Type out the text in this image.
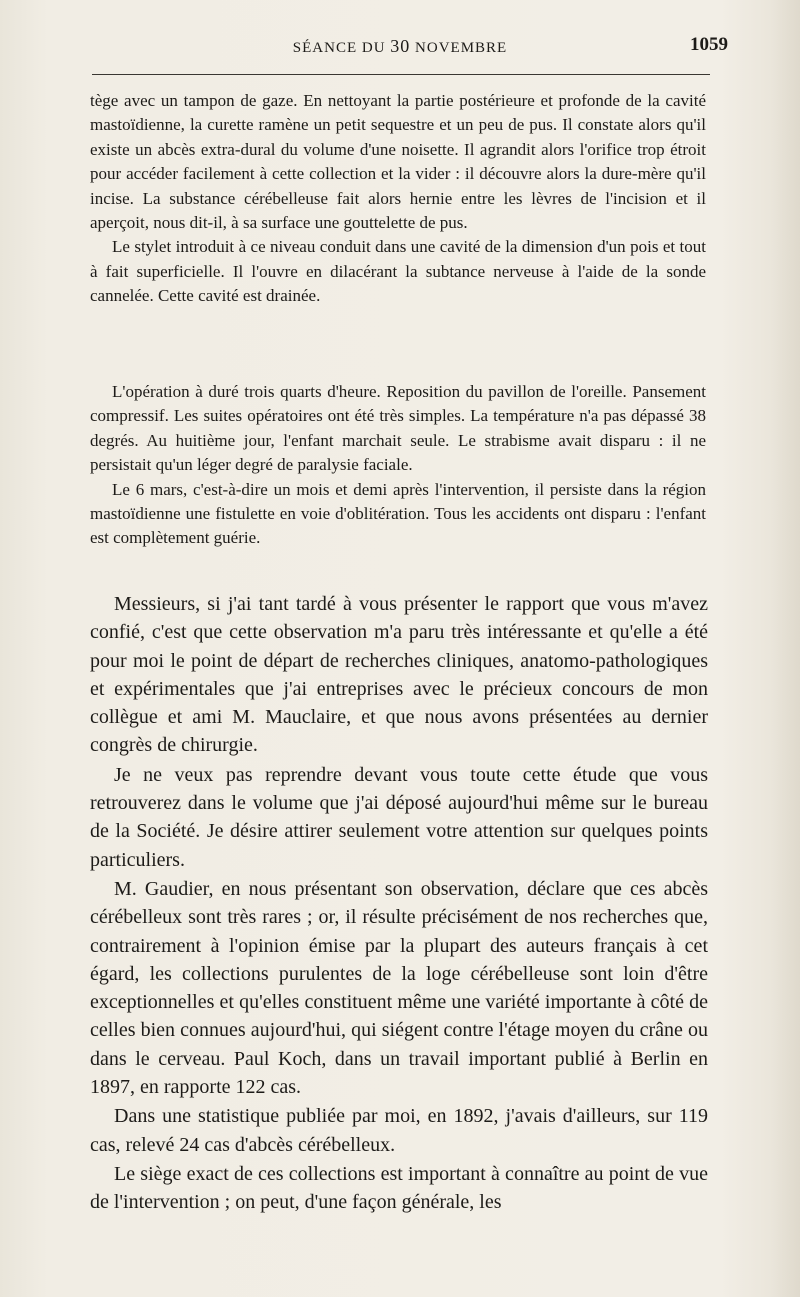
SÉANCE DU 30 NOVEMBRE	1059

tège avec un tampon de gaze. En nettoyant la partie postérieure et profonde de la cavité mastoïdienne, la curette ramène un petit sequestre et un peu de pus. Il constate alors qu'il existe un abcès extra-dural du volume d'une noisette. Il agrandit alors l'orifice trop étroit pour accéder facilement à cette collection et la vider : il découvre alors la dure-mère qu'il incise. La substance cérébelleuse fait alors hernie entre les lèvres de l'incision et il aperçoit, nous dit-il, à sa surface une gouttelette de pus.

Le stylet introduit à ce niveau conduit dans une cavité de la dimension d'un pois et tout à fait superficielle. Il l'ouvre en dilacérant la subtance nerveuse à l'aide de la sonde cannelée. Cette cavité est drainée.

L'opération à duré trois quarts d'heure. Reposition du pavillon de l'oreille. Pansement compressif. Les suites opératoires ont été très simples. La température n'a pas dépassé 38 degrés. Au huitième jour, l'enfant marchait seule. Le strabisme avait disparu : il ne persistait qu'un léger degré de paralysie faciale.

Le 6 mars, c'est-à-dire un mois et demi après l'intervention, il persiste dans la région mastoïdienne une fistulette en voie d'oblitération. Tous les accidents ont disparu : l'enfant est complètement guérie.

Messieurs, si j'ai tant tardé à vous présenter le rapport que vous m'avez confié, c'est que cette observation m'a paru très intéressante et qu'elle a été pour moi le point de départ de recherches cliniques, anatomo-pathologiques et expérimentales que j'ai entreprises avec le précieux concours de mon collègue et ami M. Mauclaire, et que nous avons présentées au dernier congrès de chirurgie.

Je ne veux pas reprendre devant vous toute cette étude que vous retrouverez dans le volume que j'ai déposé aujourd'hui même sur le bureau de la Société. Je désire attirer seulement votre attention sur quelques points particuliers.

M. Gaudier, en nous présentant son observation, déclare que ces abcès cérébelleux sont très rares ; or, il résulte précisément de nos recherches que, contrairement à l'opinion émise par la plupart des auteurs français à cet égard, les collections purulentes de la loge cérébelleuse sont loin d'être exceptionnelles et qu'elles constituent même une variété importante à côté de celles bien connues aujourd'hui, qui siégent contre l'étage moyen du crâne ou dans le cerveau. Paul Koch, dans un travail important publié à Berlin en 1897, en rapporte 122 cas.

Dans une statistique publiée par moi, en 1892, j'avais d'ailleurs, sur 119 cas, relevé 24 cas d'abcès cérébelleux.

Le siège exact de ces collections est important à connaître au point de vue de l'intervention ; on peut, d'une façon générale, les
